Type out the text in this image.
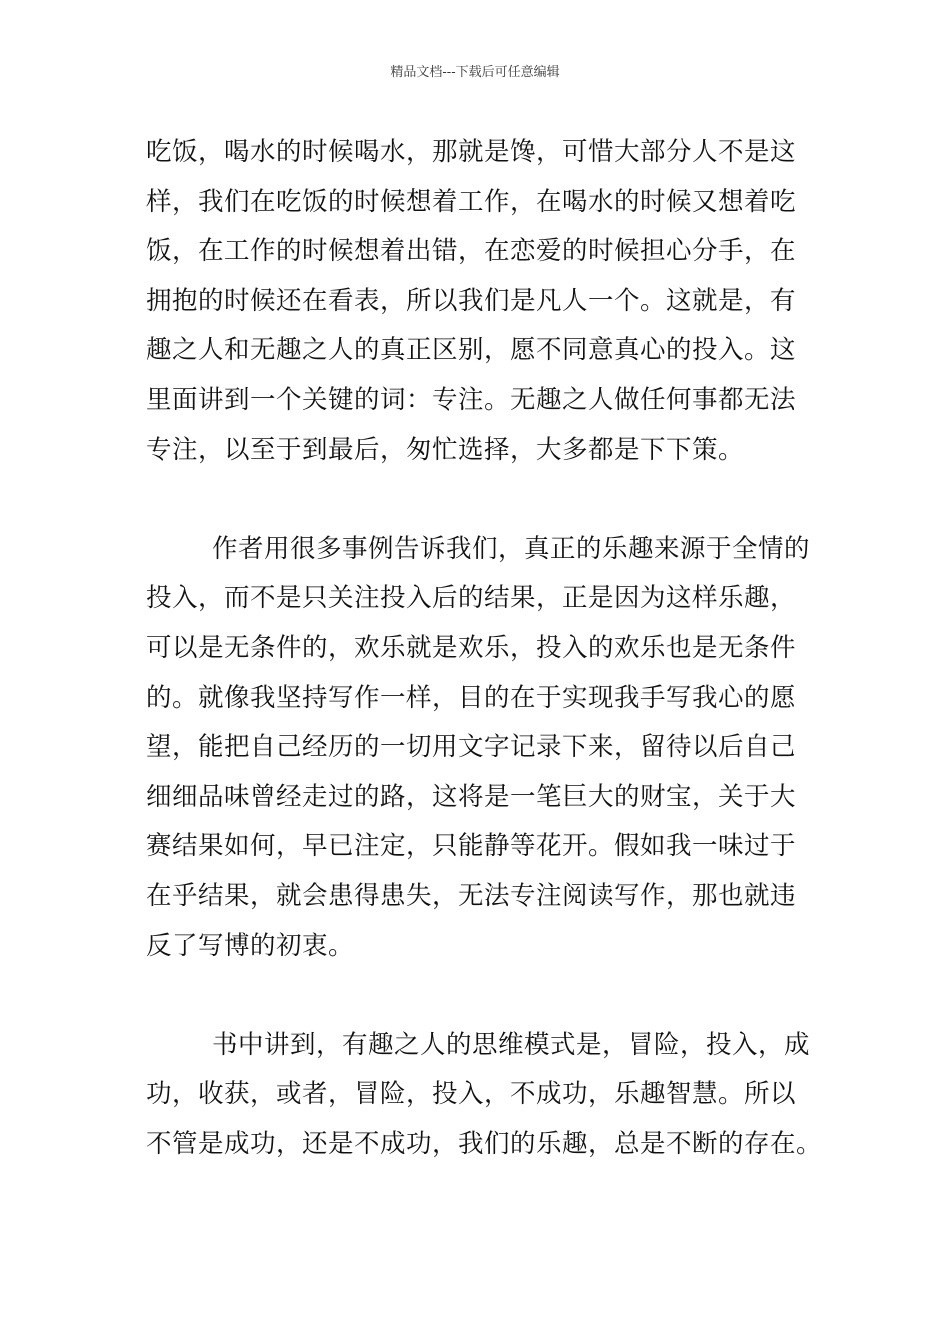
精品文档---下载后可任意编辑
吃饭，喝水的时候喝水，那就是馋，可惜大部分人不是这
样，我们在吃饭的时候想着工作，在喝水的时候又想着吃
饭，在工作的时候想着出错，在恋爱的时候担心分手，在
拥抱的时候还在看表，所以我们是凡人一个。这就是，有
趣之人和无趣之人的真正区别，愿不同意真心的投入。这
里面讲到一个关键的词：专注。无趣之人做任何事都无法
专注，以至于到最后，匆忙选择，大多都是下下策。
作者用很多事例告诉我们，真正的乐趣来源于全情的
投入，而不是只关注投入后的结果，正是因为这样乐趣，
可以是无条件的，欢乐就是欢乐，投入的欢乐也是无条件
的。就像我坚持写作一样，目的在于实现我手写我心的愿
望，能把自己经历的一切用文字记录下来，留待以后自己
细细品味曾经走过的路，这将是一笔巨大的财宝，关于大
赛结果如何，早已注定，只能静等花开。假如我一味过于
在乎结果，就会患得患失，无法专注阅读写作，那也就违
反了写博的初衷。
书中讲到，有趣之人的思维模式是，冒险，投入，成
功，收获，或者，冒险，投入，不成功，乐趣智慧。所以
不管是成功，还是不成功，我们的乐趣，总是不断的存在。
